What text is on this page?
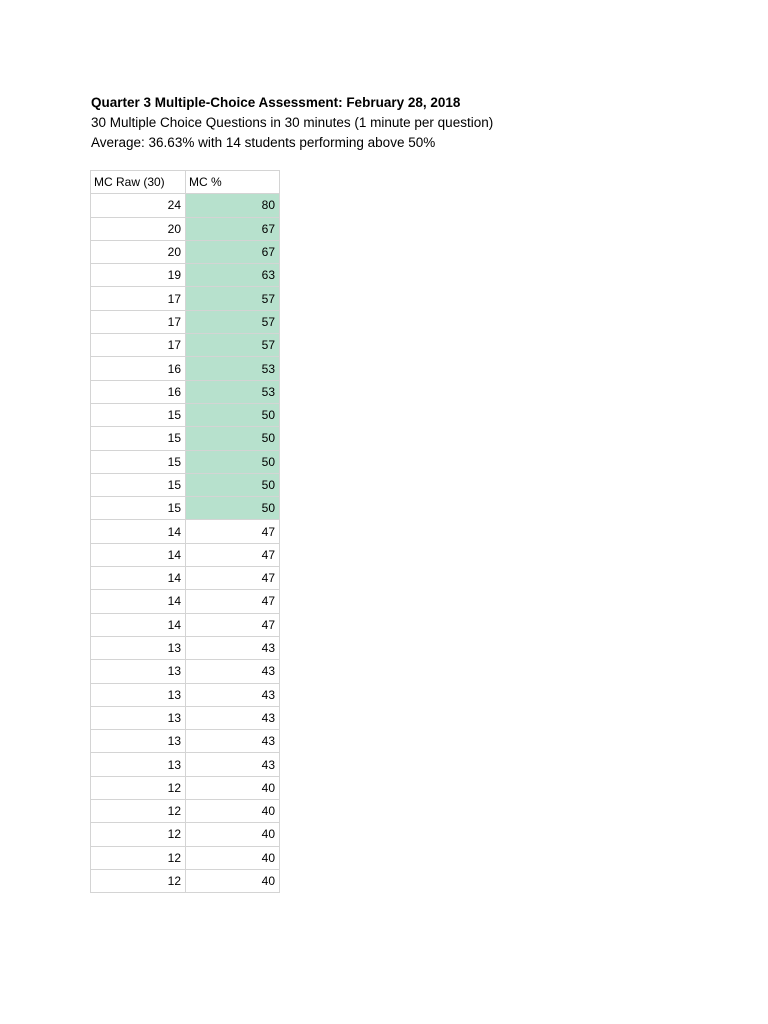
Quarter 3 Multiple-Choice Assessment: February 28, 2018

30 Multiple Choice Questions in 30 minutes (1 minute per question)

Average: 36.63% with 14 students performing above 50%

MC Raw (30)	MC %
24	80
20	67
20	67
19	63
17	57
17	57
17	57
16	53
16	53
15	50
15	50
15	50
15	50
15	50
14	47
14	47
14	47
14	47
14	47
13	43
13	43
13	43
13	43
13	43
13	43
12	40
12	40
12	40
12	40
12	40
